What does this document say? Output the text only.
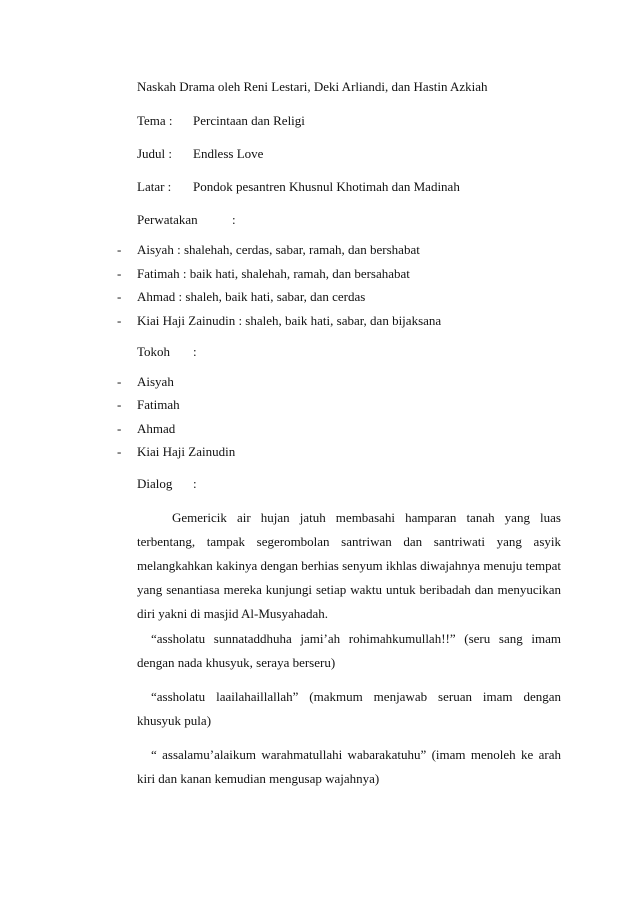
Naskah Drama oleh Reni Lestari, Deki Arliandi, dan Hastin Azkiah
Tema : Percintaan dan Religi
Judul : Endless Love
Latar : Pondok pesantren Khusnul Khotimah dan Madinah
Perwatakan	:
- Aisyah : shalehah, cerdas, sabar, ramah, dan bershabat
- Fatimah : baik hati, shalehah, ramah, dan bersahabat
- Ahmad : shaleh, baik hati, sabar, dan cerdas
- Kiai Haji Zainudin : shaleh, baik hati, sabar, dan bijaksana
Tokoh :
- Aisyah
- Fatimah
- Ahmad
- Kiai Haji Zainudin
Dialog :

Gemericik air hujan jatuh membasahi hamparan tanah yang luas terbentang, tampak segerombolan santriwan dan santriwati yang asyik melangkahkan kakinya dengan berhias senyum ikhlas diwajahnya menuju tempat yang senantiasa mereka kunjungi setiap waktu untuk beribadah dan menyucikan diri yakni di masjid Al-Musyahadah.

“assholatu sunnataddhuha jami’ah rohimahkumullah!!” (seru sang imam dengan nada khusyuk, seraya berseru)

“assholatu laailahaillallah” (makmum menjawab seruan imam dengan khusyuk pula)

“ assalamu’alaikum warahmatullahi wabarakatuhu” (imam menoleh ke arah kiri dan kanan kemudian mengusap wajahnya)
